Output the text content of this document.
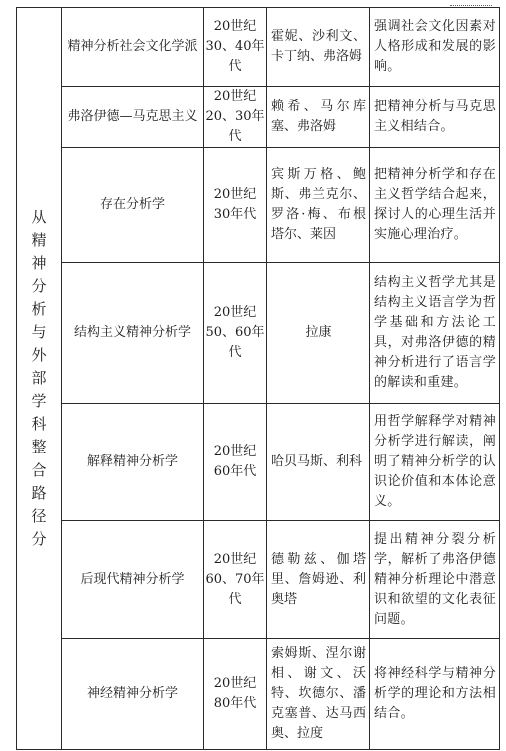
从精神分析与外部学科整合路径分	精神分析社会文化学派	20世纪
30、40年代	霍妮、沙利文、卡丁纳、弗洛姆	强调社会文化因素对人格形成和发展的影响。

	弗洛伊德—马克思主义	20世纪
20、30年代	赖希、马尔库塞、弗洛姆	把精神分析与马克思主义相结合。

	存在分析学	20世纪
30年代	宾斯万格、鲍斯、弗兰克尔、罗洛·梅、布根塔尔、莱因	把精神分析学和存在主义哲学结合起来，探讨人的心理生活并实施心理治疗。

	结构主义精神分析学	20世纪
50、60年代	拉康	结构主义哲学尤其是结构主义语言学为哲学基础和方法论工具，对弗洛伊德的精神分析进行了语言学的解读和重建。

	解释精神分析学	20世纪
60年代	哈贝马斯、利科	用哲学解释学对精神分析学进行解读，阐明了精神分析学的认识论价值和本体论意义。

	后现代精神分析学	20世纪
60、70年代	德勒兹、伽塔里、詹姆逊、利奥塔	提出精神分裂分析学，解析了弗洛伊德精神分析理论中潜意识和欲望的文化表征问题。

	神经精神分析学	20世纪
80年代	索姆斯、涅尔谢相、谢文、沃特、坎德尔、潘克塞普、达马西奥、拉度	将神经科学与精神分析学的理论和方法相结合。
